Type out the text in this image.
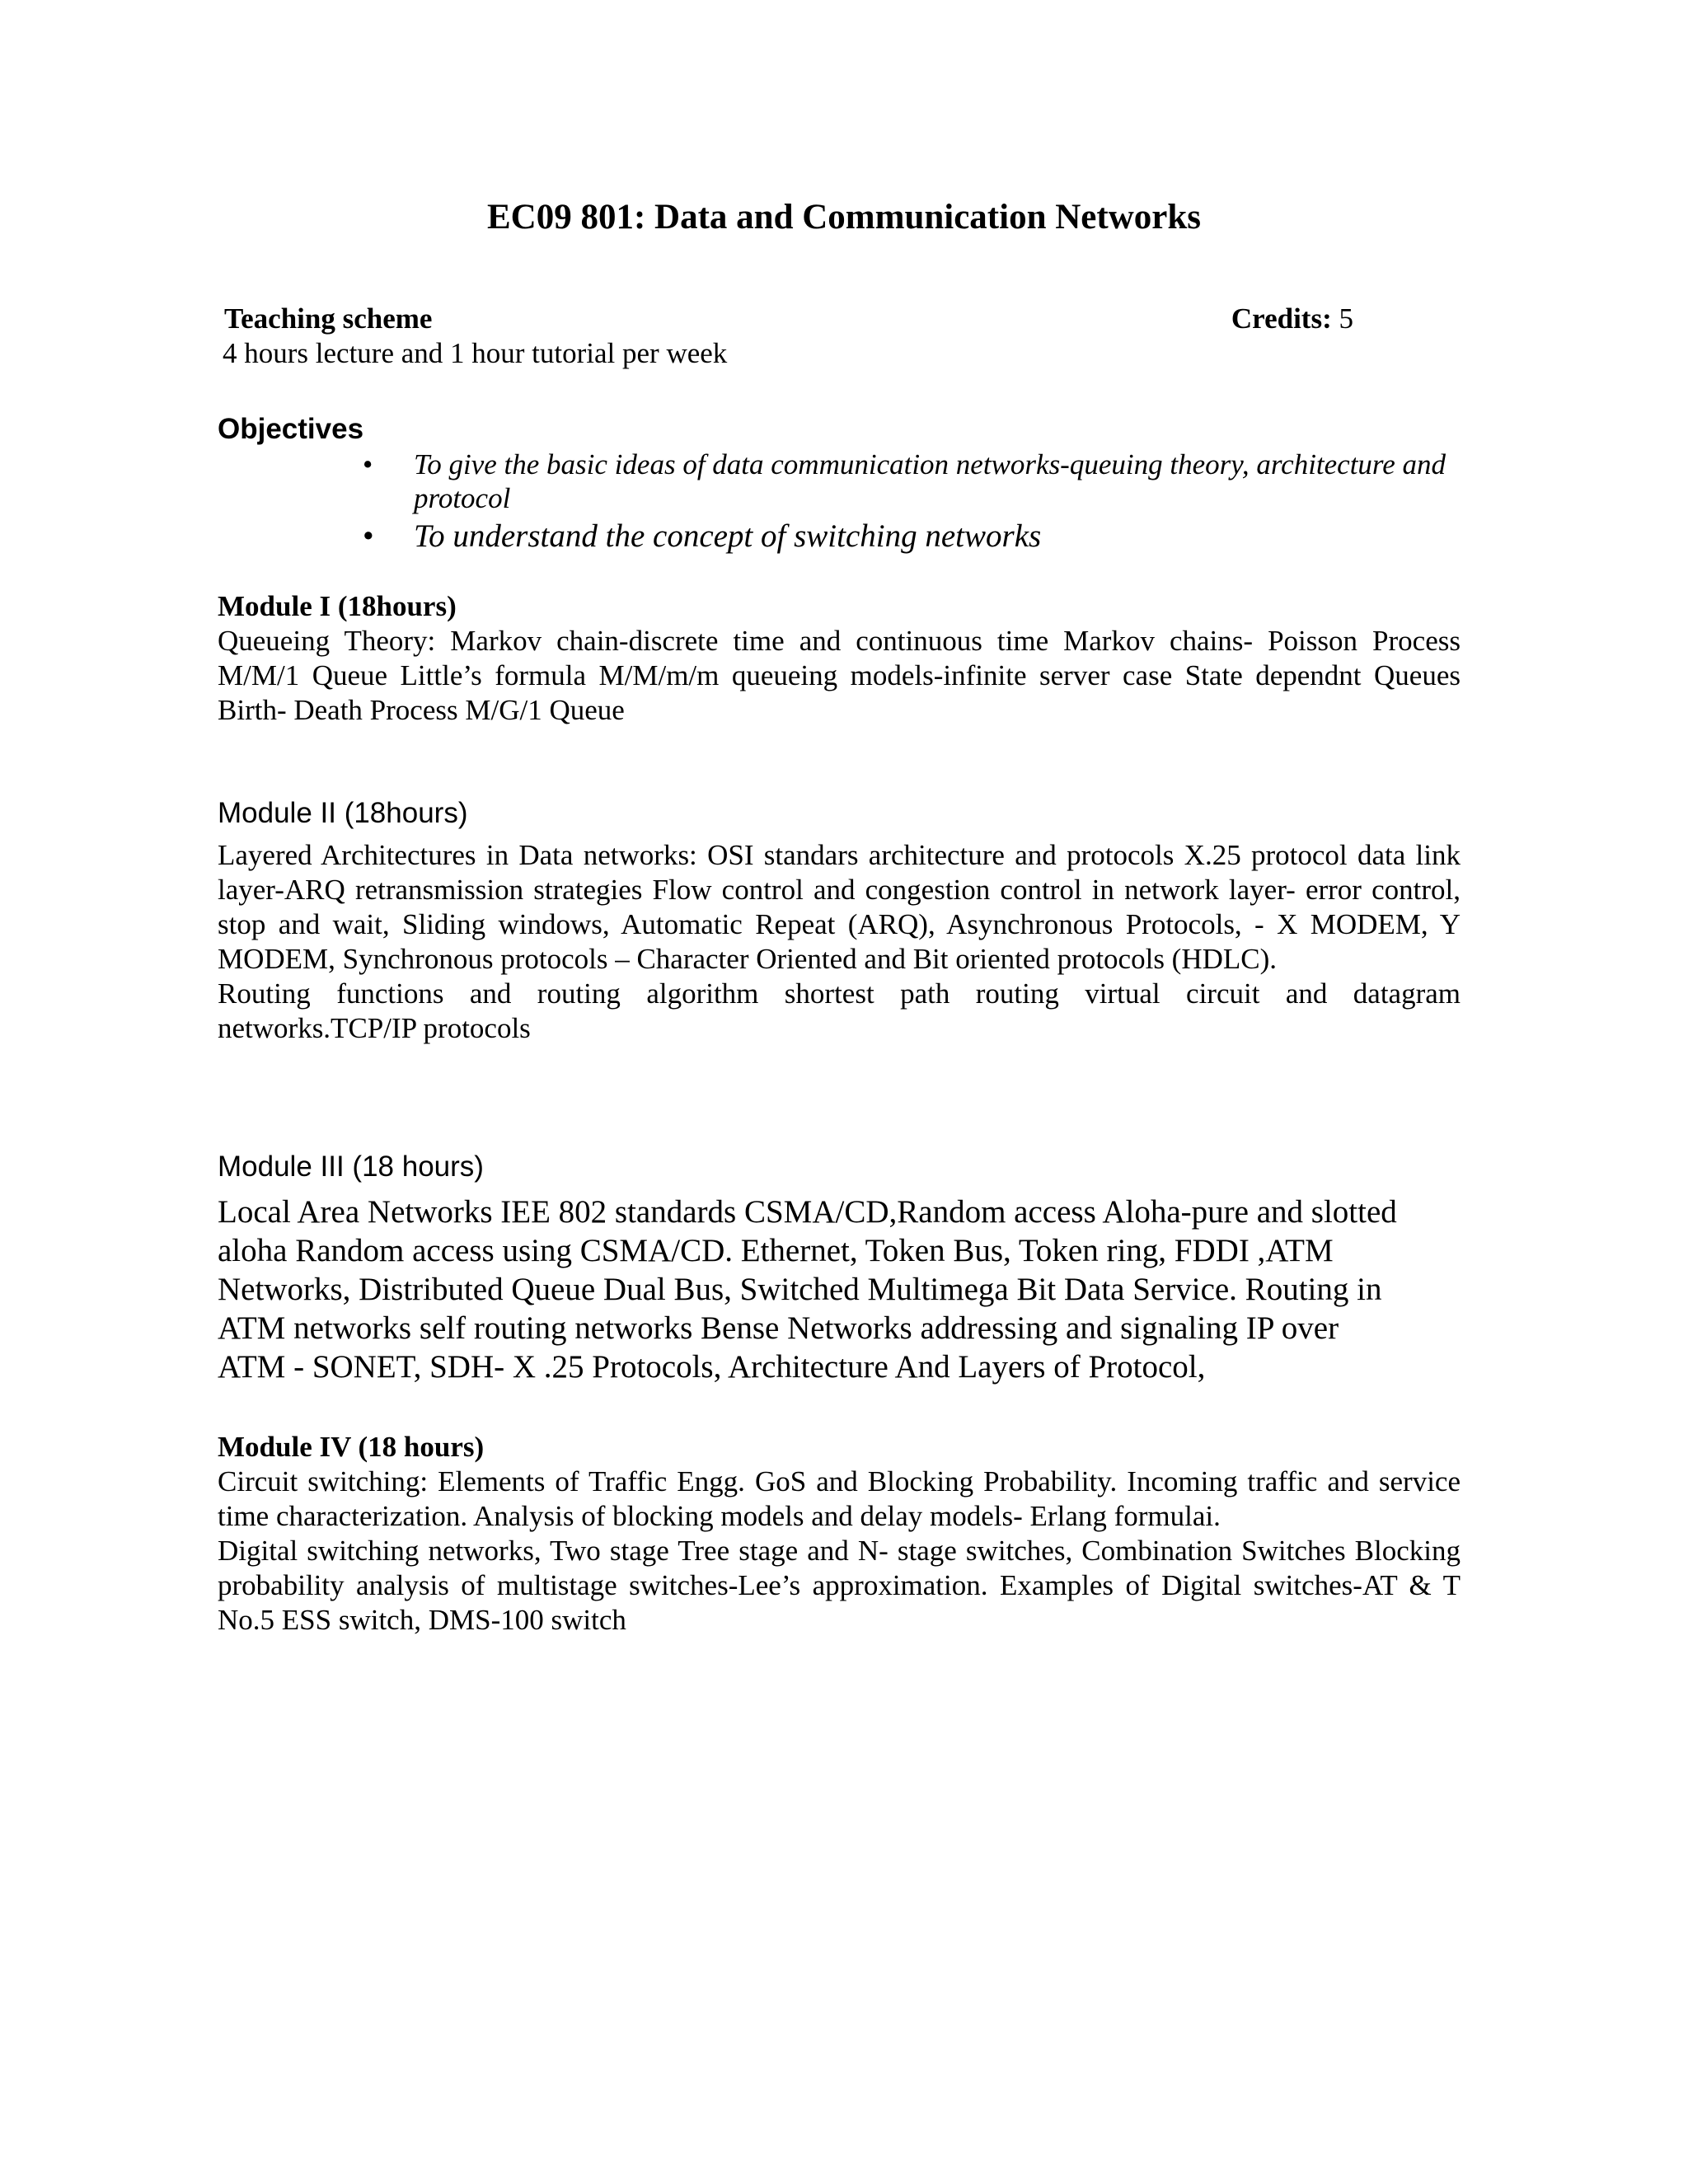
EC09 801: Data and Communication Networks
Teaching scheme	Credits: 5
4 hours lecture and 1 hour tutorial per week
Objectives
• To give the basic ideas of data communication networks-queuing theory, architecture and protocol
• To understand the concept of switching networks
Module I (18hours)

Queueing Theory: Markov chain-discrete time and continuous time Markov chains- Poisson Process M/M/1 Queue Little’s formula M/M/m/m queueing models-infinite server case State dependnt Queues Birth- Death Process M/G/1 Queue

Module II (18hours)

Layered Architectures in Data networks: OSI standars architecture and protocols X.25 protocol data link layer-ARQ retransmission strategies Flow control and congestion control in network layer- error control, stop and wait, Sliding windows, Automatic Repeat (ARQ), Asynchronous Protocols, - X MODEM, Y MODEM, Synchronous protocols – Character Oriented and Bit oriented protocols (HDLC).

Routing functions and routing algorithm shortest path routing virtual circuit and datagram networks.TCP/IP protocols

Module III (18 hours)
Local Area Networks IEE 802 standards CSMA/CD,Random access Aloha-pure and slotted
aloha Random access using CSMA/CD. Ethernet, Token Bus, Token ring, FDDI ,ATM
Networks, Distributed Queue Dual Bus, Switched Multimega Bit Data Service. Routing in
ATM networks self routing networks Bense Networks addressing and signaling IP over
ATM - SONET, SDH- X .25 Protocols, Architecture And Layers of Protocol,
Module IV (18 hours)

Circuit switching: Elements of Traffic Engg. GoS and Blocking Probability. Incoming traffic and service time characterization. Analysis of blocking models and delay models- Erlang formulai.

Digital switching networks, Two stage Tree stage and N- stage switches, Combination Switches Blocking probability analysis of multistage switches-Lee’s approximation. Examples of Digital switches-AT & T No.5 ESS switch, DMS-100 switch
